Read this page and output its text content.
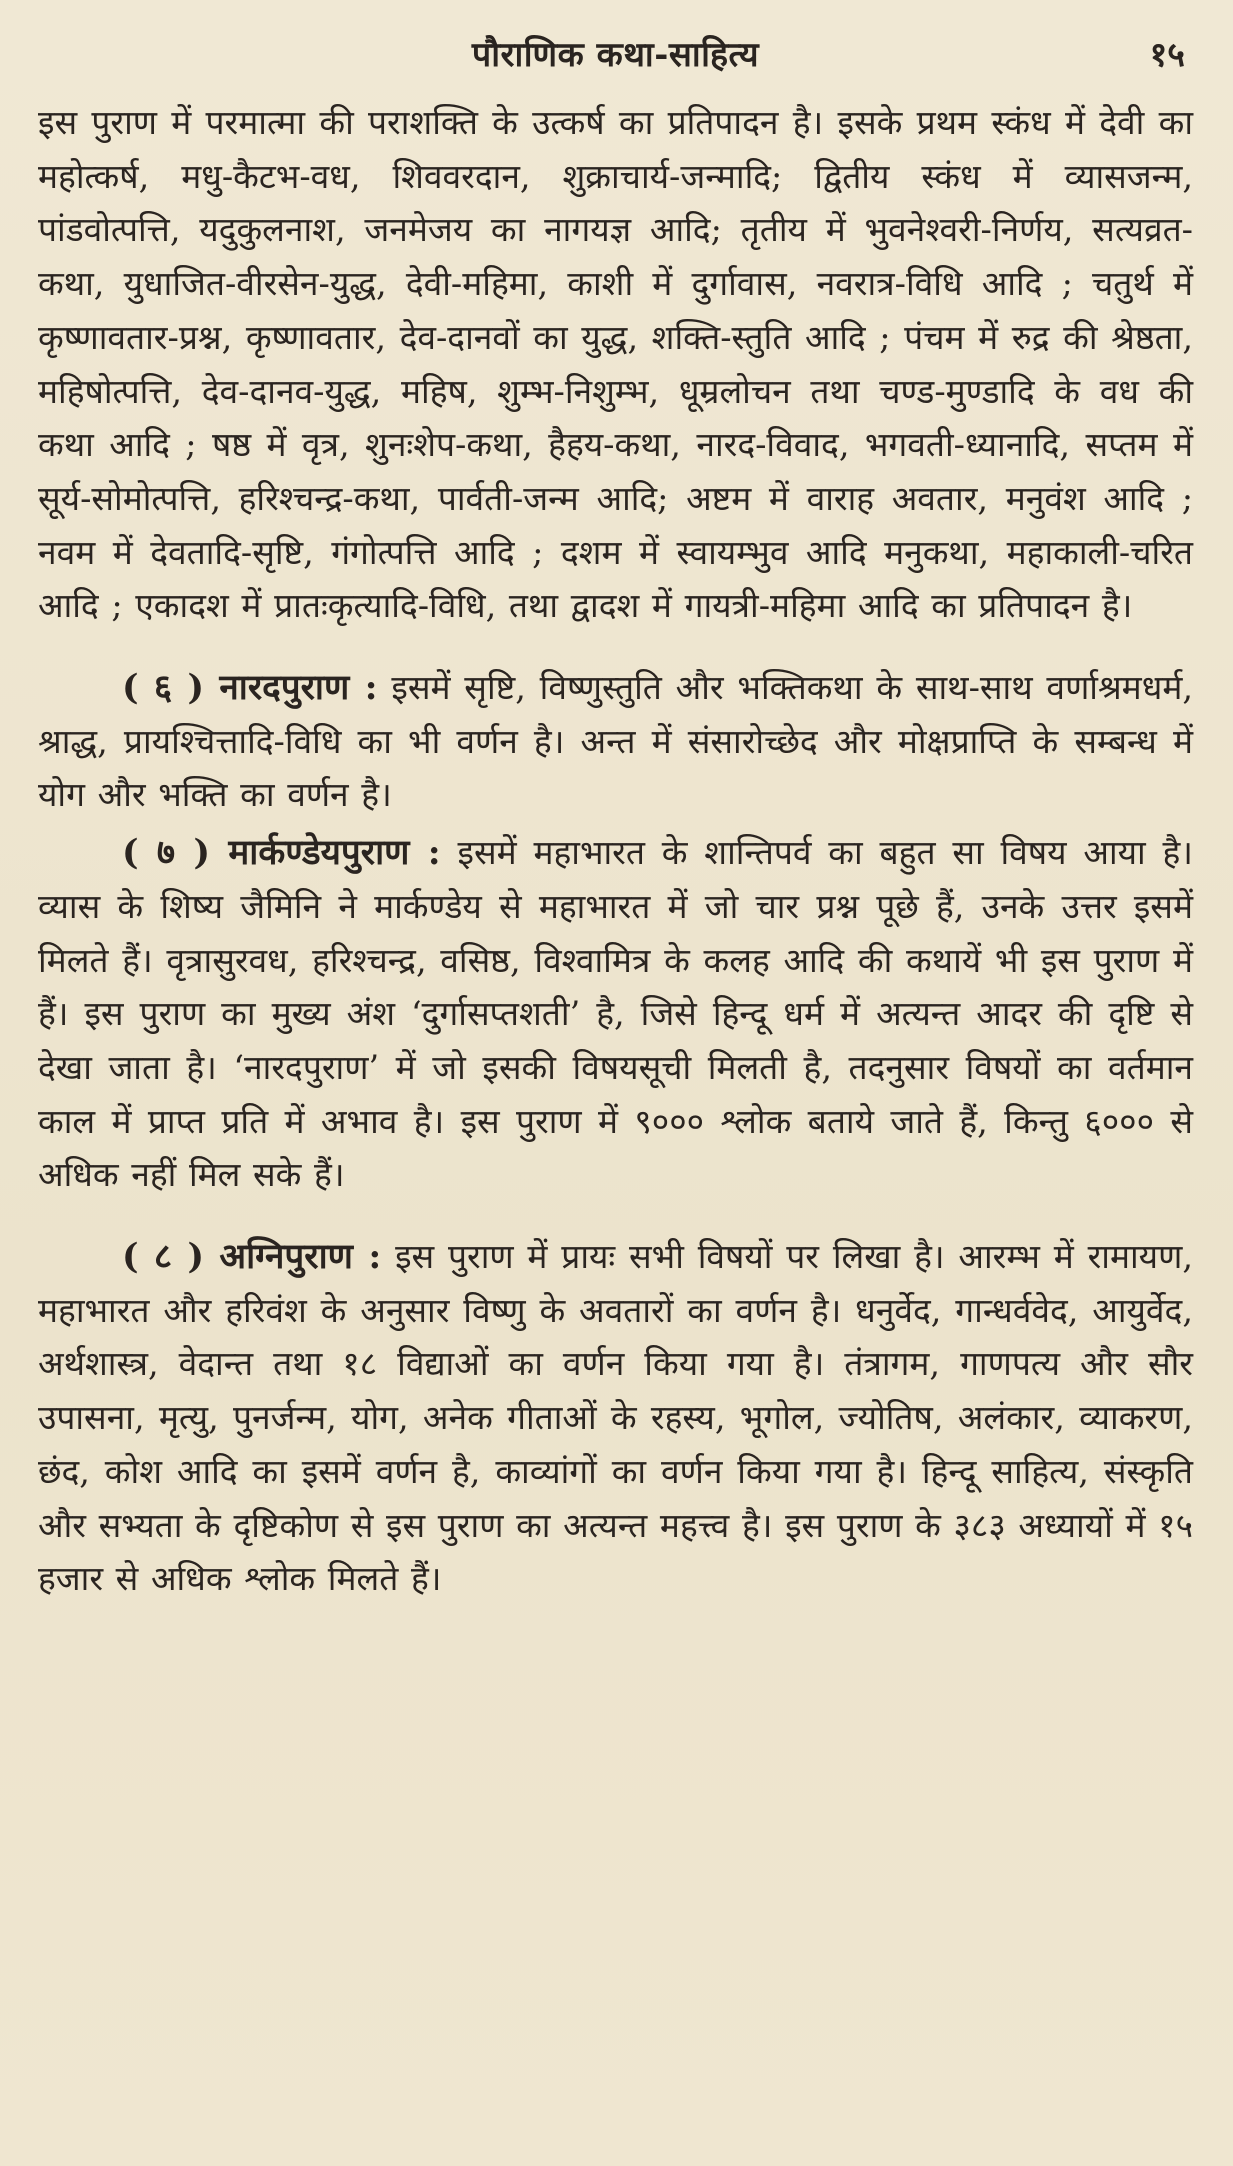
पौराणिक कथा-साहित्य	१५

इस पुराण में परमात्मा की पराशक्ति के उत्कर्ष का प्रतिपादन है। इसके प्रथम स्कंध में देवी का महोत्कर्ष, मधु-कैटभ-वध, शिववरदान, शुक्राचार्य-जन्मादि; द्वितीय स्कंध में व्यासजन्म, पांडवोत्पत्ति, यदुकुलनाश, जनमेजय का नागयज्ञ आदि; तृतीय में भुवनेश्वरी-निर्णय, सत्यव्रत-कथा, युधाजित-वीरसेन-युद्ध, देवी-महिमा, काशी में दुर्गावास, नवरात्र-विधि आदि ; चतुर्थ में कृष्णावतार-प्रश्न, कृष्णावतार, देव-दानवों का युद्ध, शक्ति-स्तुति आदि ; पंचम में रुद्र की श्रेष्ठता, महिषोत्पत्ति, देव-दानव-युद्ध, महिष, शुम्भ-निशुम्भ, धूम्रलोचन तथा चण्ड-मुण्डादि के वध की कथा आदि ; षष्ठ में वृत्र, शुनःशेप-कथा, हैहय-कथा, नारद-विवाद, भगवती-ध्यानादि, सप्तम में सूर्य-सोमोत्पत्ति, हरिश्चन्द्र-कथा, पार्वती-जन्म आदि; अष्टम में वाराह अवतार, मनुवंश आदि ; नवम में देवतादि-सृष्टि, गंगोत्पत्ति आदि ; दशम में स्वायम्भुव आदि मनुकथा, महाकाली-चरित आदि ; एकादश में प्रातःकृत्यादि-विधि, तथा द्वादश में गायत्री-महिमा आदि का प्रतिपादन है।

( ६ ) नारदपुराण : इसमें सृष्टि, विष्णुस्तुति और भक्तिकथा के साथ-साथ वर्णाश्रमधर्म, श्राद्ध, प्रायश्चित्तादि-विधि का भी वर्णन है। अन्त में संसारोच्छेद और मोक्षप्राप्ति के सम्बन्ध में योग और भक्ति का वर्णन है।

( ७ ) मार्कण्डेयपुराण : इसमें महाभारत के शान्तिपर्व का बहुत सा विषय आया है। व्यास के शिष्य जैमिनि ने मार्कण्डेय से महाभारत में जो चार प्रश्न पूछे हैं, उनके उत्तर इसमें मिलते हैं। वृत्रासुरवध, हरिश्चन्द्र, वसिष्ठ, विश्वामित्र के कलह आदि की कथायें भी इस पुराण में हैं। इस पुराण का मुख्य अंश ‘दुर्गासप्तशती’ है, जिसे हिन्दू धर्म में अत्यन्त आदर की दृष्टि से देखा जाता है। ‘नारदपुराण’ में जो इसकी विषयसूची मिलती है, तदनुसार विषयों का वर्तमान काल में प्राप्त प्रति में अभाव है। इस पुराण में ९००० श्लोक बताये जाते हैं, किन्तु ६००० से अधिक नहीं मिल सके हैं।

( ८ ) अग्निपुराण : इस पुराण में प्रायः सभी विषयों पर लिखा है। आरम्भ में रामायण, महाभारत और हरिवंश के अनुसार विष्णु के अवतारों का वर्णन है। धनुर्वेद, गान्धर्ववेद, आयुर्वेद, अर्थशास्त्र, वेदान्त तथा १८ विद्याओं का वर्णन किया गया है। तंत्रागम, गाणपत्य और सौर उपासना, मृत्यु, पुनर्जन्म, योग, अनेक गीताओं के रहस्य, भूगोल, ज्योतिष, अलंकार, व्याकरण, छंद, कोश आदि का इसमें वर्णन है, काव्यांगों का वर्णन किया गया है। हिन्दू साहित्य, संस्कृति और सभ्यता के दृष्टिकोण से इस पुराण का अत्यन्त महत्त्व है। इस पुराण के ३८३ अध्यायों में १५ हजार से अधिक श्लोक मिलते हैं।
